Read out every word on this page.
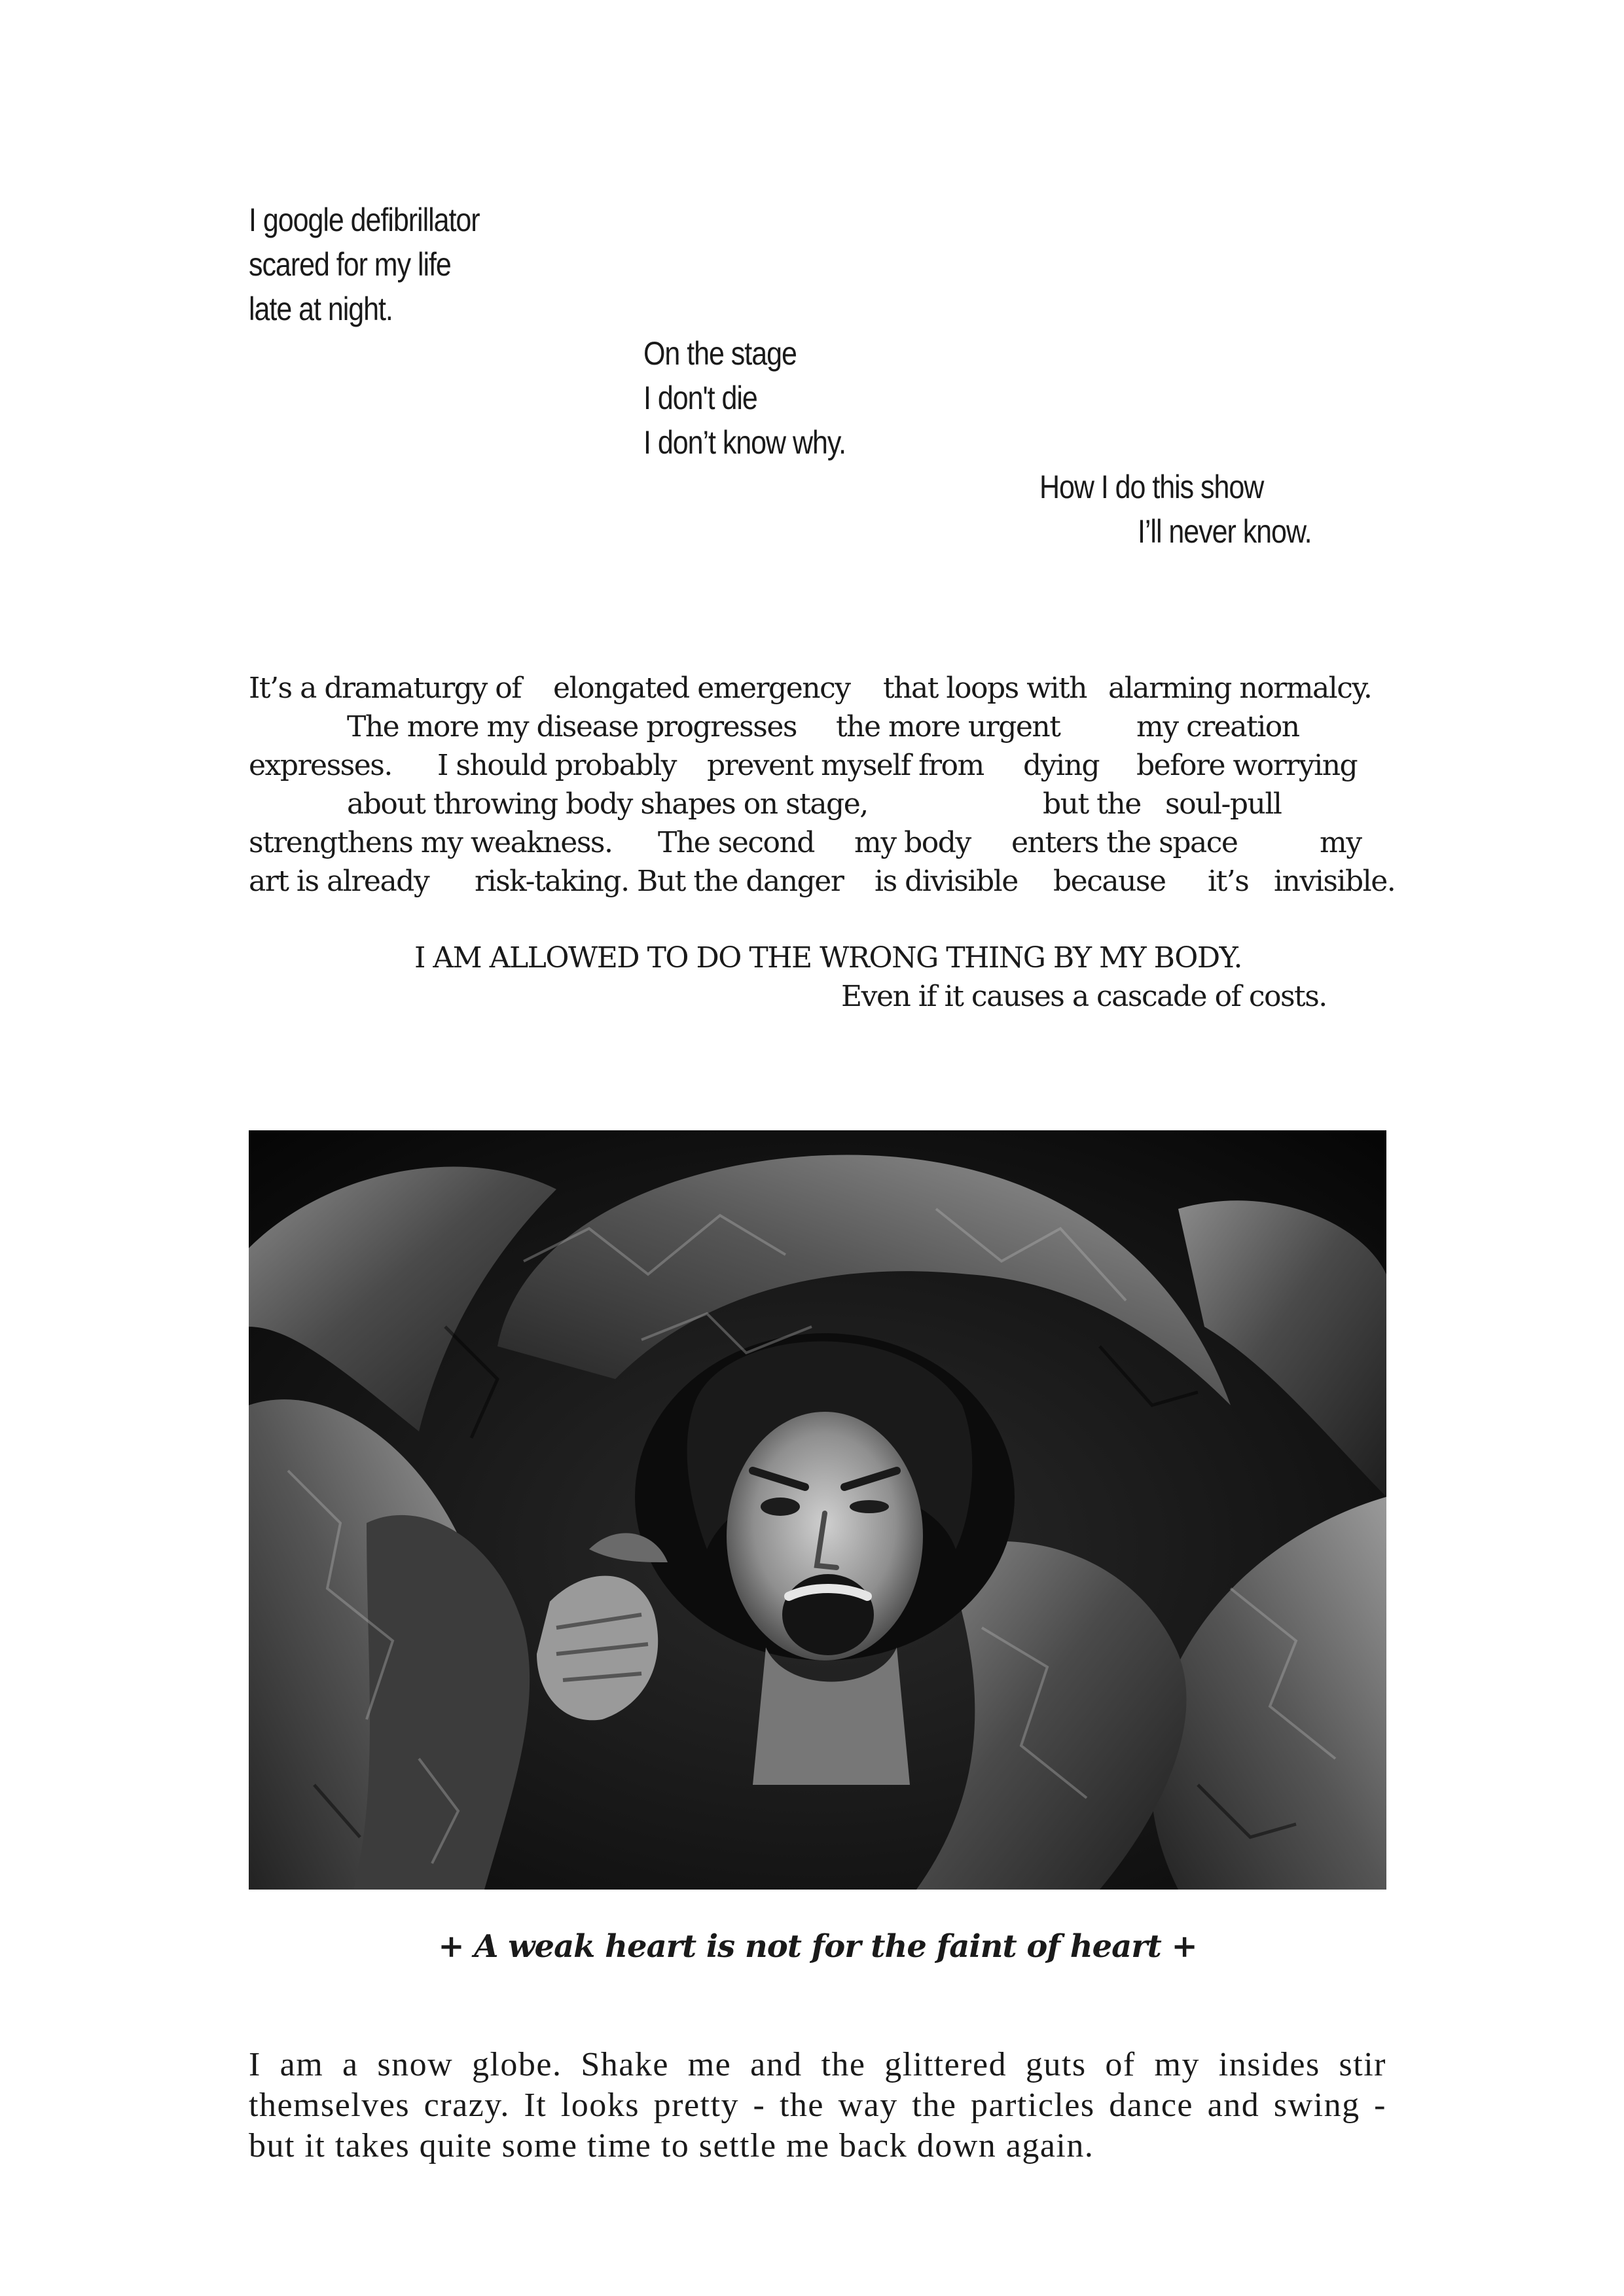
I google defibrillator
scared for my life
late at night.
On the stage
I don't die
I don’t know why.
How I do this show
I’ll never know.
It’s a dramaturgy of elongated emergency that loops with alarming normalcy.
The more my disease progresses the more urgent	my creation
expresses. I should probably prevent myself from dying before worrying
about throwing body shapes on stage,	but the soul-pull
strengthens my weakness. The second my body enters the space	my
art is already risk-taking. But the danger is divisible because it’s invisible.
I AM ALLOWED TO DO THE WRONG THING BY MY BODY.
Even if it causes a cascade of costs.
+ A weak heart is not for the faint of heart +
I am a snow globe. Shake me and the glittered guts of my insides stir
themselves crazy. It looks pretty - the way the particles dance and swing -
but it takes quite some time to settle me back down again.
